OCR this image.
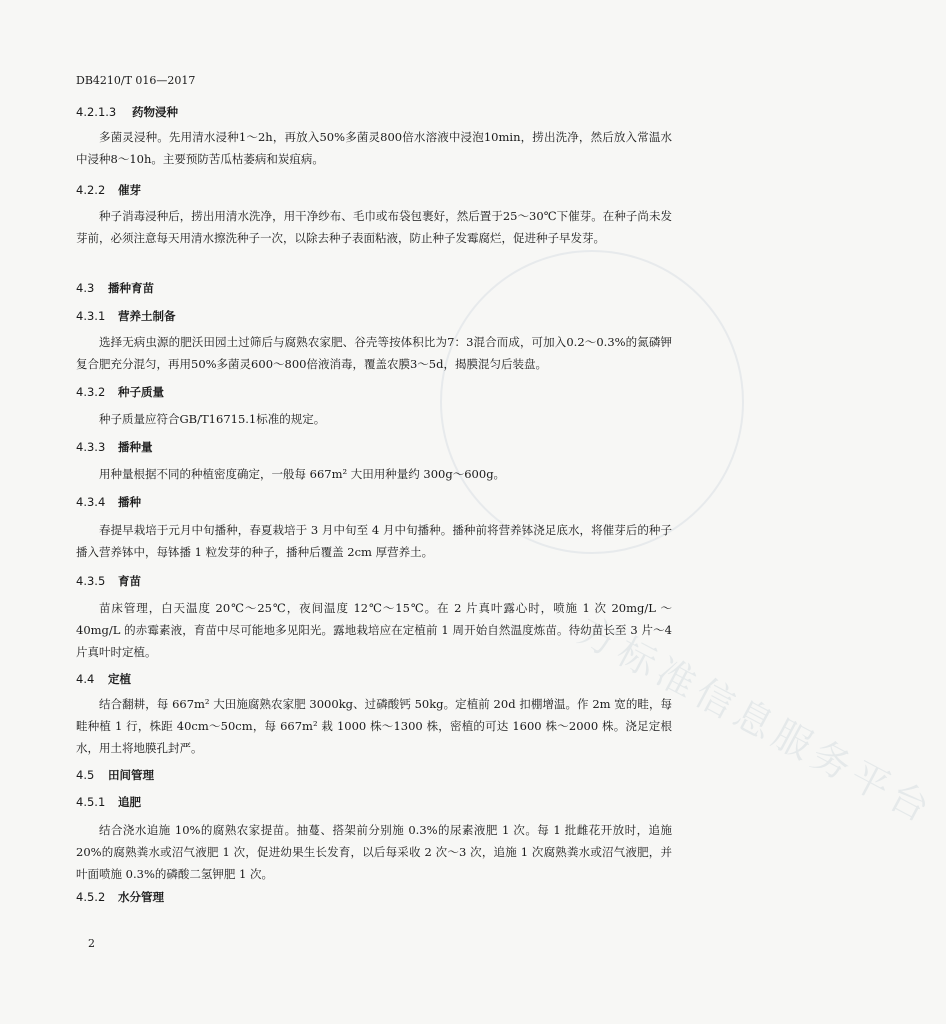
方标准信息服务平台
DB4210/T 016—2017
4.2.1.3 药物浸种
多菌灵浸种。先用清水浸种1～2h，再放入50%多菌灵800倍水溶液中浸泡10min，捞出洗净，然后放入常温水中浸种8～10h。主要预防苦瓜枯萎病和炭疽病。
4.2.2 催芽
种子消毒浸种后，捞出用清水洗净，用干净纱布、毛巾或布袋包裹好，然后置于25～30℃下催芽。在种子尚未发芽前，必须注意每天用清水擦洗种子一次，以除去种子表面粘液，防止种子发霉腐烂，促进种子早发芽。
4.3 播种育苗
4.3.1 营养土制备
选择无病虫源的肥沃田园土过筛后与腐熟农家肥、谷壳等按体积比为7：3混合而成，可加入0.2～0.3%的氮磷钾复合肥充分混匀，再用50%多菌灵600～800倍液消毒，覆盖农膜3～5d，揭膜混匀后装盘。
4.3.2 种子质量
种子质量应符合GB/T16715.1标准的规定。
4.3.3 播种量
用种量根据不同的种植密度确定，一般每 667m² 大田用种量约 300g～600g。
4.3.4 播种
春提早栽培于元月中旬播种，春夏栽培于 3 月中旬至 4 月中旬播种。播种前将营养钵浇足底水，将催芽后的种子播入营养钵中，每钵播 1 粒发芽的种子，播种后覆盖 2cm 厚营养土。
4.3.5 育苗
苗床管理，白天温度 20℃～25℃，夜间温度 12℃～15℃。在 2 片真叶露心时，喷施 1 次 20mg/L ～40mg/L 的赤霉素液，育苗中尽可能地多见阳光。露地栽培应在定植前 1 周开始自然温度炼苗。待幼苗长至 3 片～4 片真叶时定植。
4.4 定植
结合翻耕，每 667m² 大田施腐熟农家肥 3000kg、过磷酸钙 50kg。定植前 20d 扣棚增温。作 2m 宽的畦，每畦种植 1 行，株距 40cm～50cm，每 667m² 栽 1000 株～1300 株，密植的可达 1600 株～2000 株。浇足定根水，用土将地膜孔封严。
4.5 田间管理
4.5.1 追肥
结合浇水追施 10%的腐熟农家提苗。抽蔓、搭架前分别施 0.3%的尿素液肥 1 次。每 1 批雌花开放时，追施 20%的腐熟粪水或沼气液肥 1 次，促进幼果生长发育，以后每采收 2 次～3 次，追施 1 次腐熟粪水或沼气液肥，并叶面喷施 0.3%的磷酸二氢钾肥 1 次。
4.5.2 水分管理
2
